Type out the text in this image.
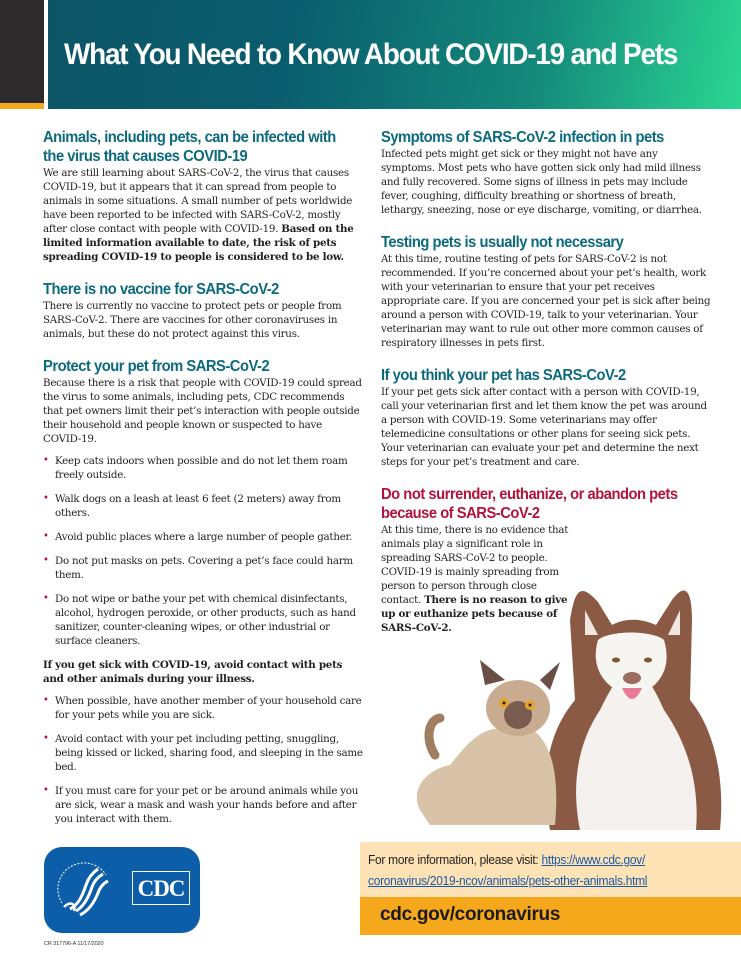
What You Need to Know About COVID-19 and Pets
Animals, including pets, can be infected with the virus that causes COVID-19

We are still learning about SARS-CoV-2, the virus that causes COVID-19, but it appears that it can spread from people to animals in some situations. A small number of pets worldwide have been reported to be infected with SARS-CoV-2, mostly after close contact with people with COVID-19. Based on the limited information available to date, the risk of pets spreading COVID-19 to people is considered to be low.

There is no vaccine for SARS-CoV-2

There is currently no vaccine to protect pets or people from SARS-CoV-2. There are vaccines for other coronaviruses in animals, but these do not protect against this virus.

Protect your pet from SARS-CoV-2

Because there is a risk that people with COVID-19 could spread the virus to some animals, including pets, CDC recommends that pet owners limit their pet’s interaction with people outside their household and people known or suspected to have COVID-19.

• Keep cats indoors when possible and do not let them roam freely outside.
• Walk dogs on a leash at least 6 feet (2 meters) away from others.
• Avoid public places where a large number of people gather.
• Do not put masks on pets. Covering a pet’s face could harm them.
• Do not wipe or bathe your pet with chemical disinfectants, alcohol, hydrogen peroxide, or other products, such as hand sanitizer, counter-cleaning wipes, or other industrial or surface cleaners.
If you get sick with COVID-19, avoid contact with pets and other animals during your illness.
• When possible, have another member of your household care for your pets while you are sick.
• Avoid contact with your pet including petting, snuggling, being kissed or licked, sharing food, and sleeping in the same bed.
• If you must care for your pet or be around animals while you are sick, wear a mask and wash your hands before and after you interact with them.
Symptoms of SARS-CoV-2 infection in pets

Infected pets might get sick or they might not have any symptoms. Most pets who have gotten sick only had mild illness and fully recovered. Some signs of illness in pets may include fever, coughing, difficulty breathing or shortness of breath, lethargy, sneezing, nose or eye discharge, vomiting, or diarrhea.

Testing pets is usually not necessary

At this time, routine testing of pets for SARS-CoV-2 is not recommended. If you’re concerned about your pet’s health, work with your veterinarian to ensure that your pet receives appropriate care. If you are concerned your pet is sick after being around a person with COVID-19, talk to your veterinarian. Your veterinarian may want to rule out other more common causes of respiratory illnesses in pets first.

If you think your pet has SARS-CoV-2

If your pet gets sick after contact with a person with COVID-19, call your veterinarian first and let them know the pet was around a person with COVID-19. Some veterinarians may offer telemedicine consultations or other plans for seeing sick pets. Your veterinarian can evaluate your pet and determine the next steps for your pet’s treatment and care.

Do not surrender, euthanize, or abandon pets because of SARS-CoV-2

At this time, there is no evidence that animals play a significant role in spreading SARS-CoV-2 to people. COVID-19 is mainly spreading from person to person through close contact. There is no reason to give up or euthanize pets because of SARS-CoV-2.

CDC
CR 317796-A 11/17/2020
For more information, please visit: https://www.cdc.gov/
coronavirus/2019-ncov/animals/pets-other-animals.html
cdc.gov/coronavirus
